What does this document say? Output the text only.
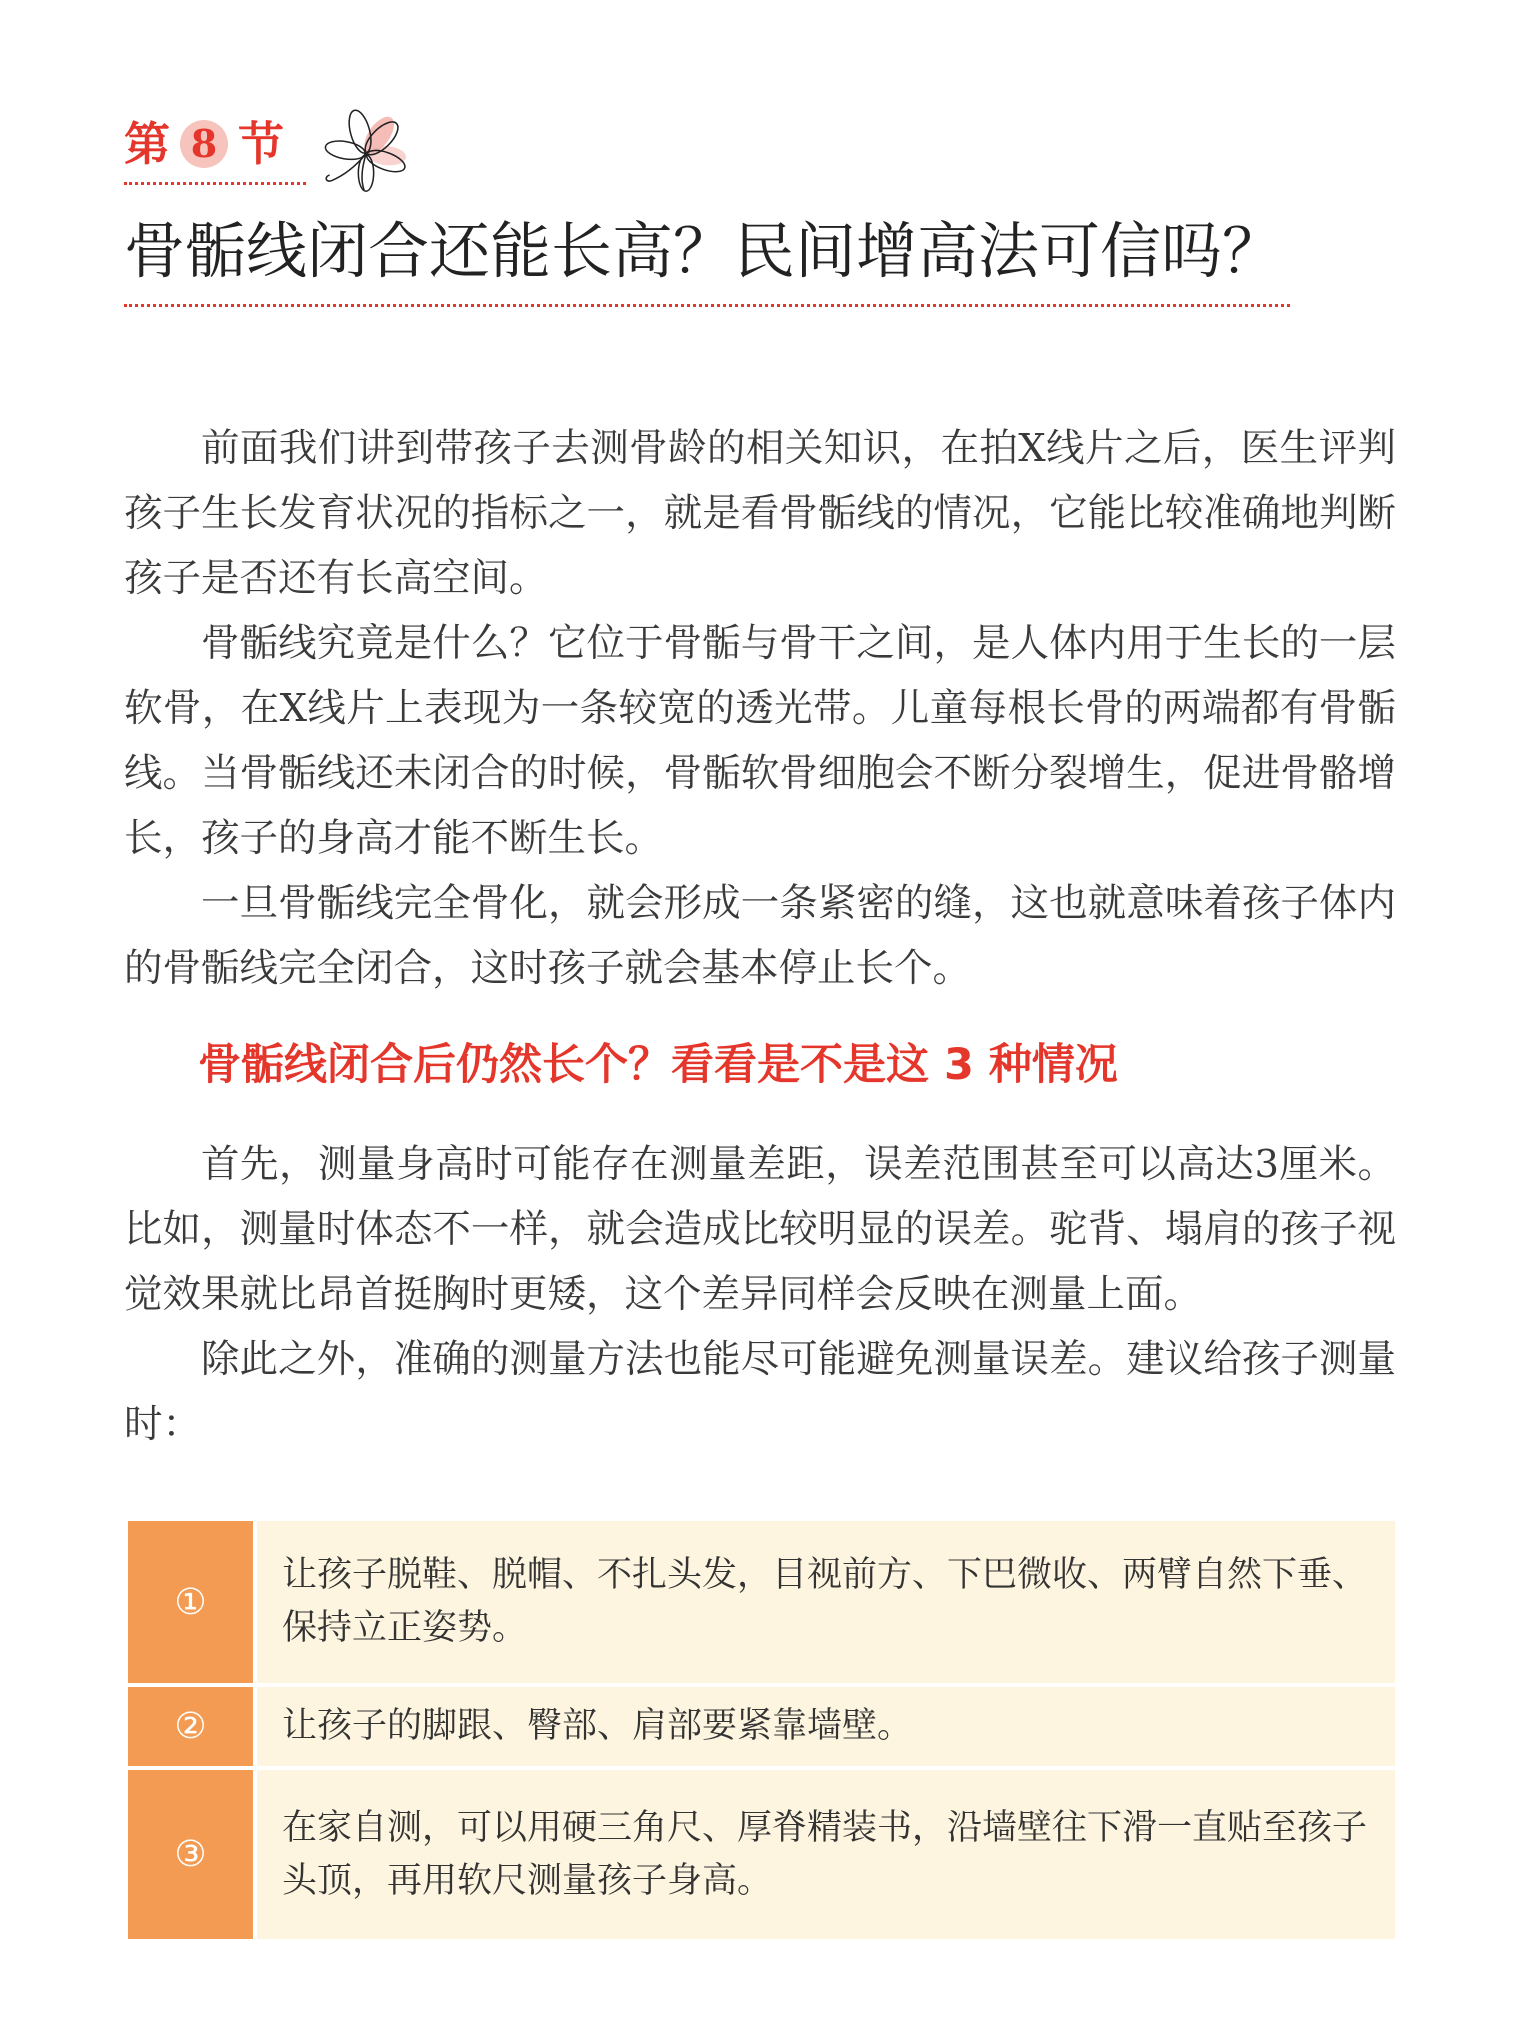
第 8 节
骨骺线闭合还能长高？民间增高法可信吗？

前面我们讲到带孩子去测骨龄的相关知识，在拍X线片之后，医生评判孩子生长发育状况的指标之一，就是看骨骺线的情况，它能比较准确地判断孩子是否还有长高空间。

骨骺线究竟是什么？它位于骨骺与骨干之间，是人体内用于生长的一层软骨，在X线片上表现为一条较宽的透光带。儿童每根长骨的两端都有骨骺线。当骨骺线还未闭合的时候，骨骺软骨细胞会不断分裂增生，促进骨骼增长，孩子的身高才能不断生长。

一旦骨骺线完全骨化，就会形成一条紧密的缝，这也就意味着孩子体内的骨骺线完全闭合，这时孩子就会基本停止长个。

骨骺线闭合后仍然长个？看看是不是这 3 种情况

首先，测量身高时可能存在测量差距，误差范围甚至可以高达3厘米。比如，测量时体态不一样，就会造成比较明显的误差。驼背、塌肩的孩子视觉效果就比昂首挺胸时更矮，这个差异同样会反映在测量上面。

除此之外，准确的测量方法也能尽可能避免测量误差。建议给孩子测量时：

①
让孩子脱鞋、脱帽、不扎头发，目视前方、下巴微收、两臂自然下垂、保持立正姿势。
②	让孩子的脚跟、臀部、肩部要紧靠墙壁。
③
在家自测，可以用硬三角尺、厚脊精装书，沿墙壁往下滑一直贴至孩子头顶，再用软尺测量孩子身高。
